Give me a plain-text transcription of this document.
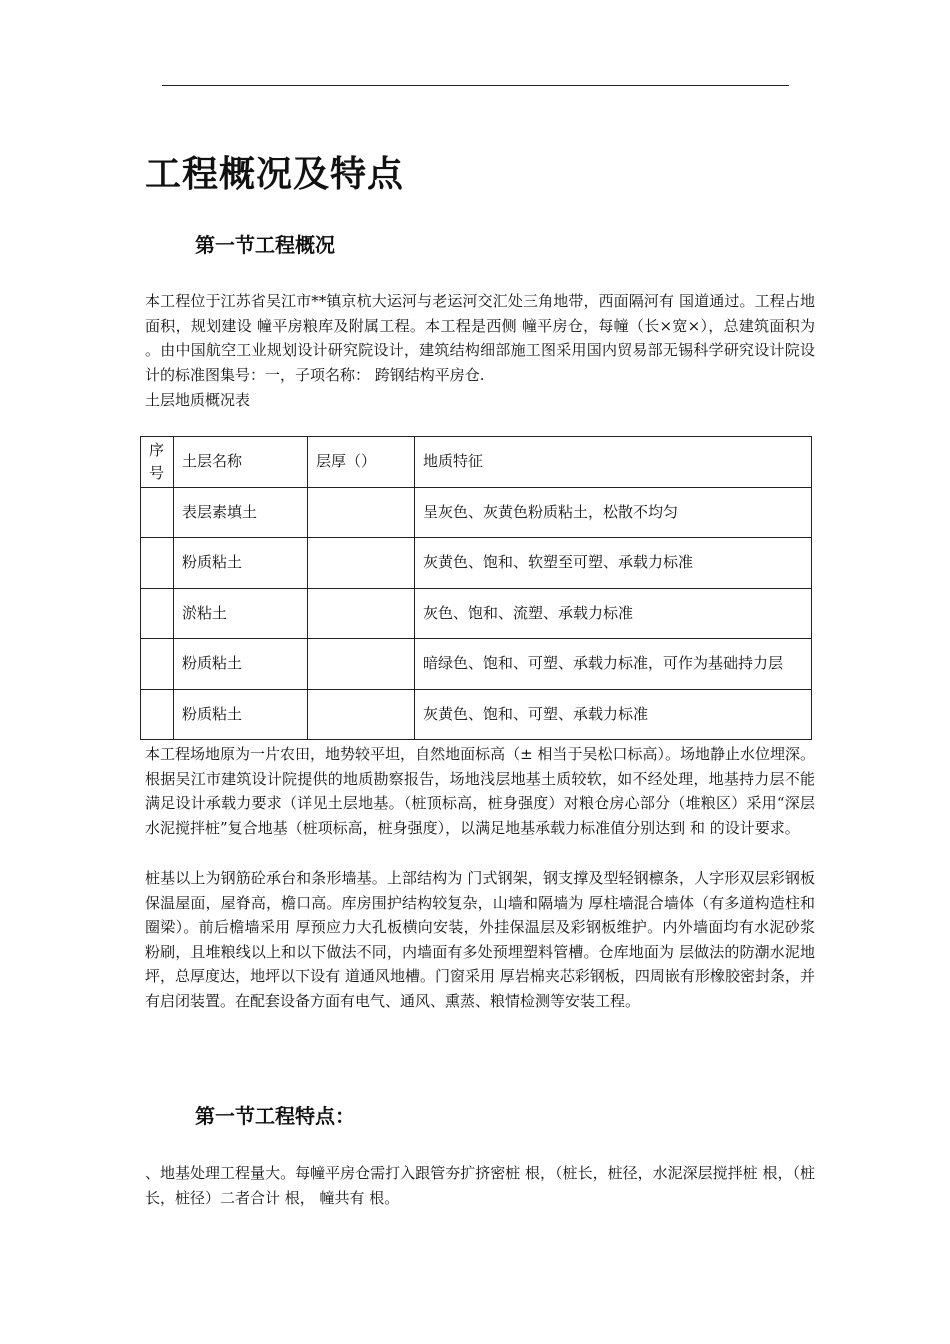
工程概况及特点
第一节工程概况

本工程位于江苏省吴江市**镇京杭大运河与老运河交汇处三角地带，西面隔河有 国道通过。工程占地面积，规划建设 幢平房粮库及附属工程。本工程是西侧 幢平房仓，每幢（长×宽×），总建筑面积为 。由中国航空工业规划设计研究院设计，建筑结构细部施工图采用国内贸易部无锡科学研究设计院设计的标准图集号：一，子项名称： 跨钢结构平房仓.

土层地质概况表
序号	土层名称	层厚（）	地质特征
	表层素填土		呈灰色、灰黄色粉质粘土，松散不均匀
	粉质粘土		灰黄色、饱和、软塑至可塑、承载力标准
	淤粘土		灰色、饱和、流塑、承载力标准
	粉质粘土		暗绿色、饱和、可塑、承载力标准，可作为基础持力层
	粉质粘土		灰黄色、饱和、可塑、承载力标准

本工程场地原为一片农田，地势较平坦，自然地面标高（± 相当于吴松口标高）。场地静止水位埋深。根据吴江市建筑设计院提供的地质勘察报告，场地浅层地基土质较软，如不经处理，地基持力层不能满足设计承载力要求（详见土层地基。（桩顶标高，桩身强度）对粮仓房心部分（堆粮区）采用“深层水泥搅拌桩”复合地基（桩项标高，桩身强度），以满足地基承载力标准值分别达到 和 的设计要求。

桩基以上为钢筋砼承台和条形墙基。上部结构为 门式钢架，钢支撑及型轻钢檩条，人字形双层彩钢板保温屋面，屋脊高，檐口高。库房围护结构较复杂，山墙和隔墙为 厚柱墙混合墙体（有多道构造柱和圈梁）。前后檐墙采用 厚预应力大孔板横向安装，外挂保温层及彩钢板维护。内外墙面均有水泥砂浆粉刷，且堆粮线以上和以下做法不同，内墙面有多处预埋塑料管槽。仓库地面为 层做法的防潮水泥地坪，总厚度达，地坪以下设有 道通风地槽。门窗采用 厚岩棉夹芯彩钢板，四周嵌有形橡胶密封条，并有启闭装置。在配套设备方面有电气、通风、熏蒸、粮情检测等安装工程。

第一节工程特点：

、地基处理工程量大。每幢平房仓需打入跟管夯扩挤密桩 根，（桩长，桩径，水泥深层搅拌桩 根，（桩长，桩径）二者合计 根， 幢共有 根。
